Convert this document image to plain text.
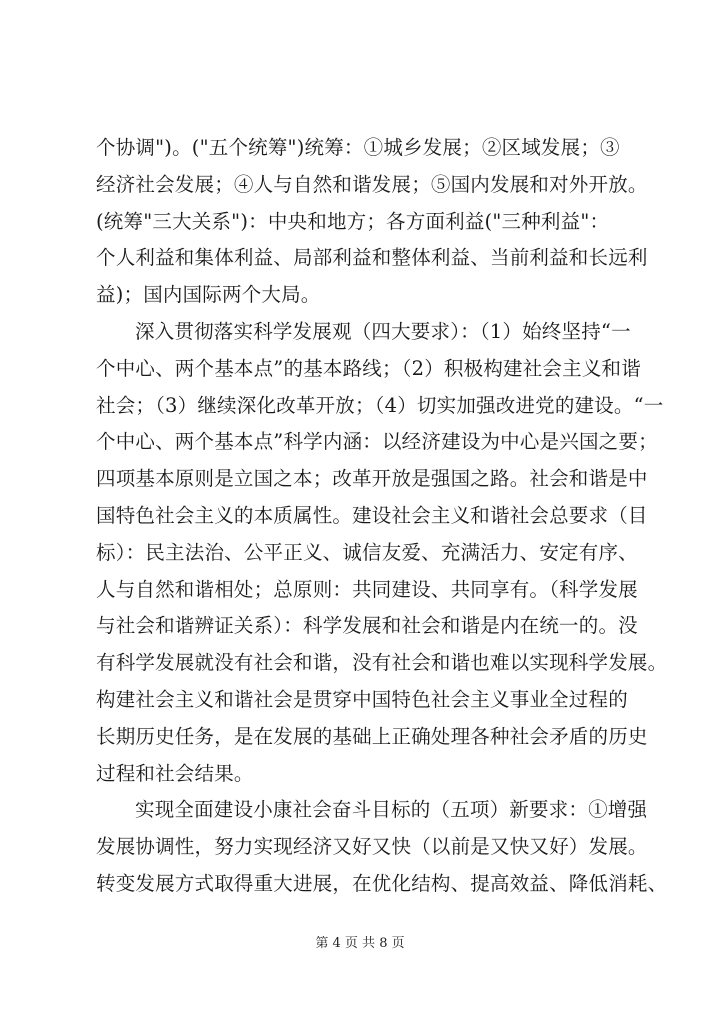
个协调")。("五个统筹")统筹：①城乡发展；②区域发展；③
经济社会发展；④人与自然和谐发展；⑤国内发展和对外开放。
(统筹"三大关系")：中央和地方；各方面利益("三种利益"：
个人利益和集体利益、局部利益和整体利益、当前利益和长远利
益)；国内国际两个大局。
深入贯彻落实科学发展观（四大要求）：（1）始终坚持“一
个中心、两个基本点”的基本路线；（2）积极构建社会主义和谐
社会；（3）继续深化改革开放；（4）切实加强改进党的建设。“一
个中心、两个基本点”科学内涵：以经济建设为中心是兴国之要；
四项基本原则是立国之本；改革开放是强国之路。社会和谐是中
国特色社会主义的本质属性。建设社会主义和谐社会总要求（目
标）：民主法治、公平正义、诚信友爱、充满活力、安定有序、
人与自然和谐相处；总原则：共同建设、共同享有。（科学发展
与社会和谐辨证关系）：科学发展和社会和谐是内在统一的。没
有科学发展就没有社会和谐，没有社会和谐也难以实现科学发展。
构建社会主义和谐社会是贯穿中国特色社会主义事业全过程的
长期历史任务，是在发展的基础上正确处理各种社会矛盾的历史
过程和社会结果。
实现全面建设小康社会奋斗目标的（五项）新要求：①增强
发展协调性，努力实现经济又好又快（以前是又快又好）发展。
转变发展方式取得重大进展，在优化结构、提高效益、降低消耗、
第 4 页 共 8 页
